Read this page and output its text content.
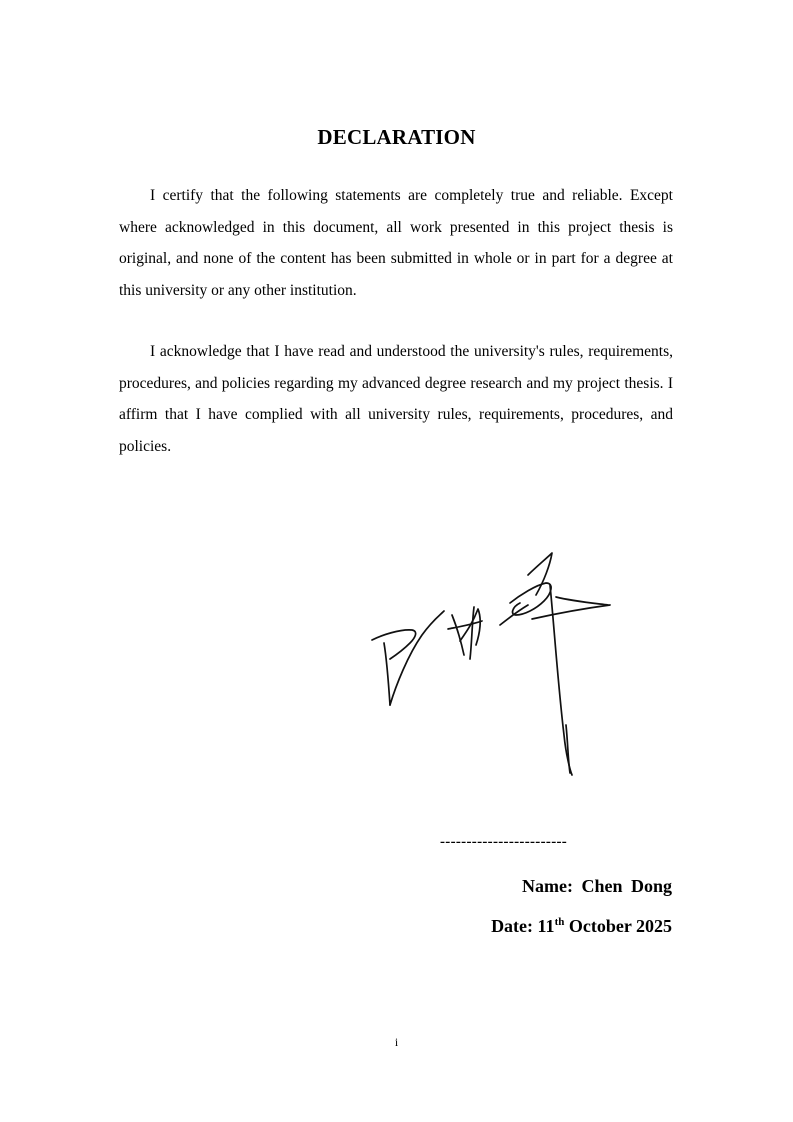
DECLARATION

I certify that the following statements are completely true and reliable. Except where acknowledged in this document, all work presented in this project thesis is original, and none of the content has been submitted in whole or in part for a degree at this university or any other institution.

I acknowledge that I have read and understood the university's rules, requirements, procedures, and policies regarding my advanced degree research and my project thesis. I affirm that I have complied with all university rules, requirements, procedures, and policies.

------------------------
Name: Chen Dong
Date: 11th October 2025
i
